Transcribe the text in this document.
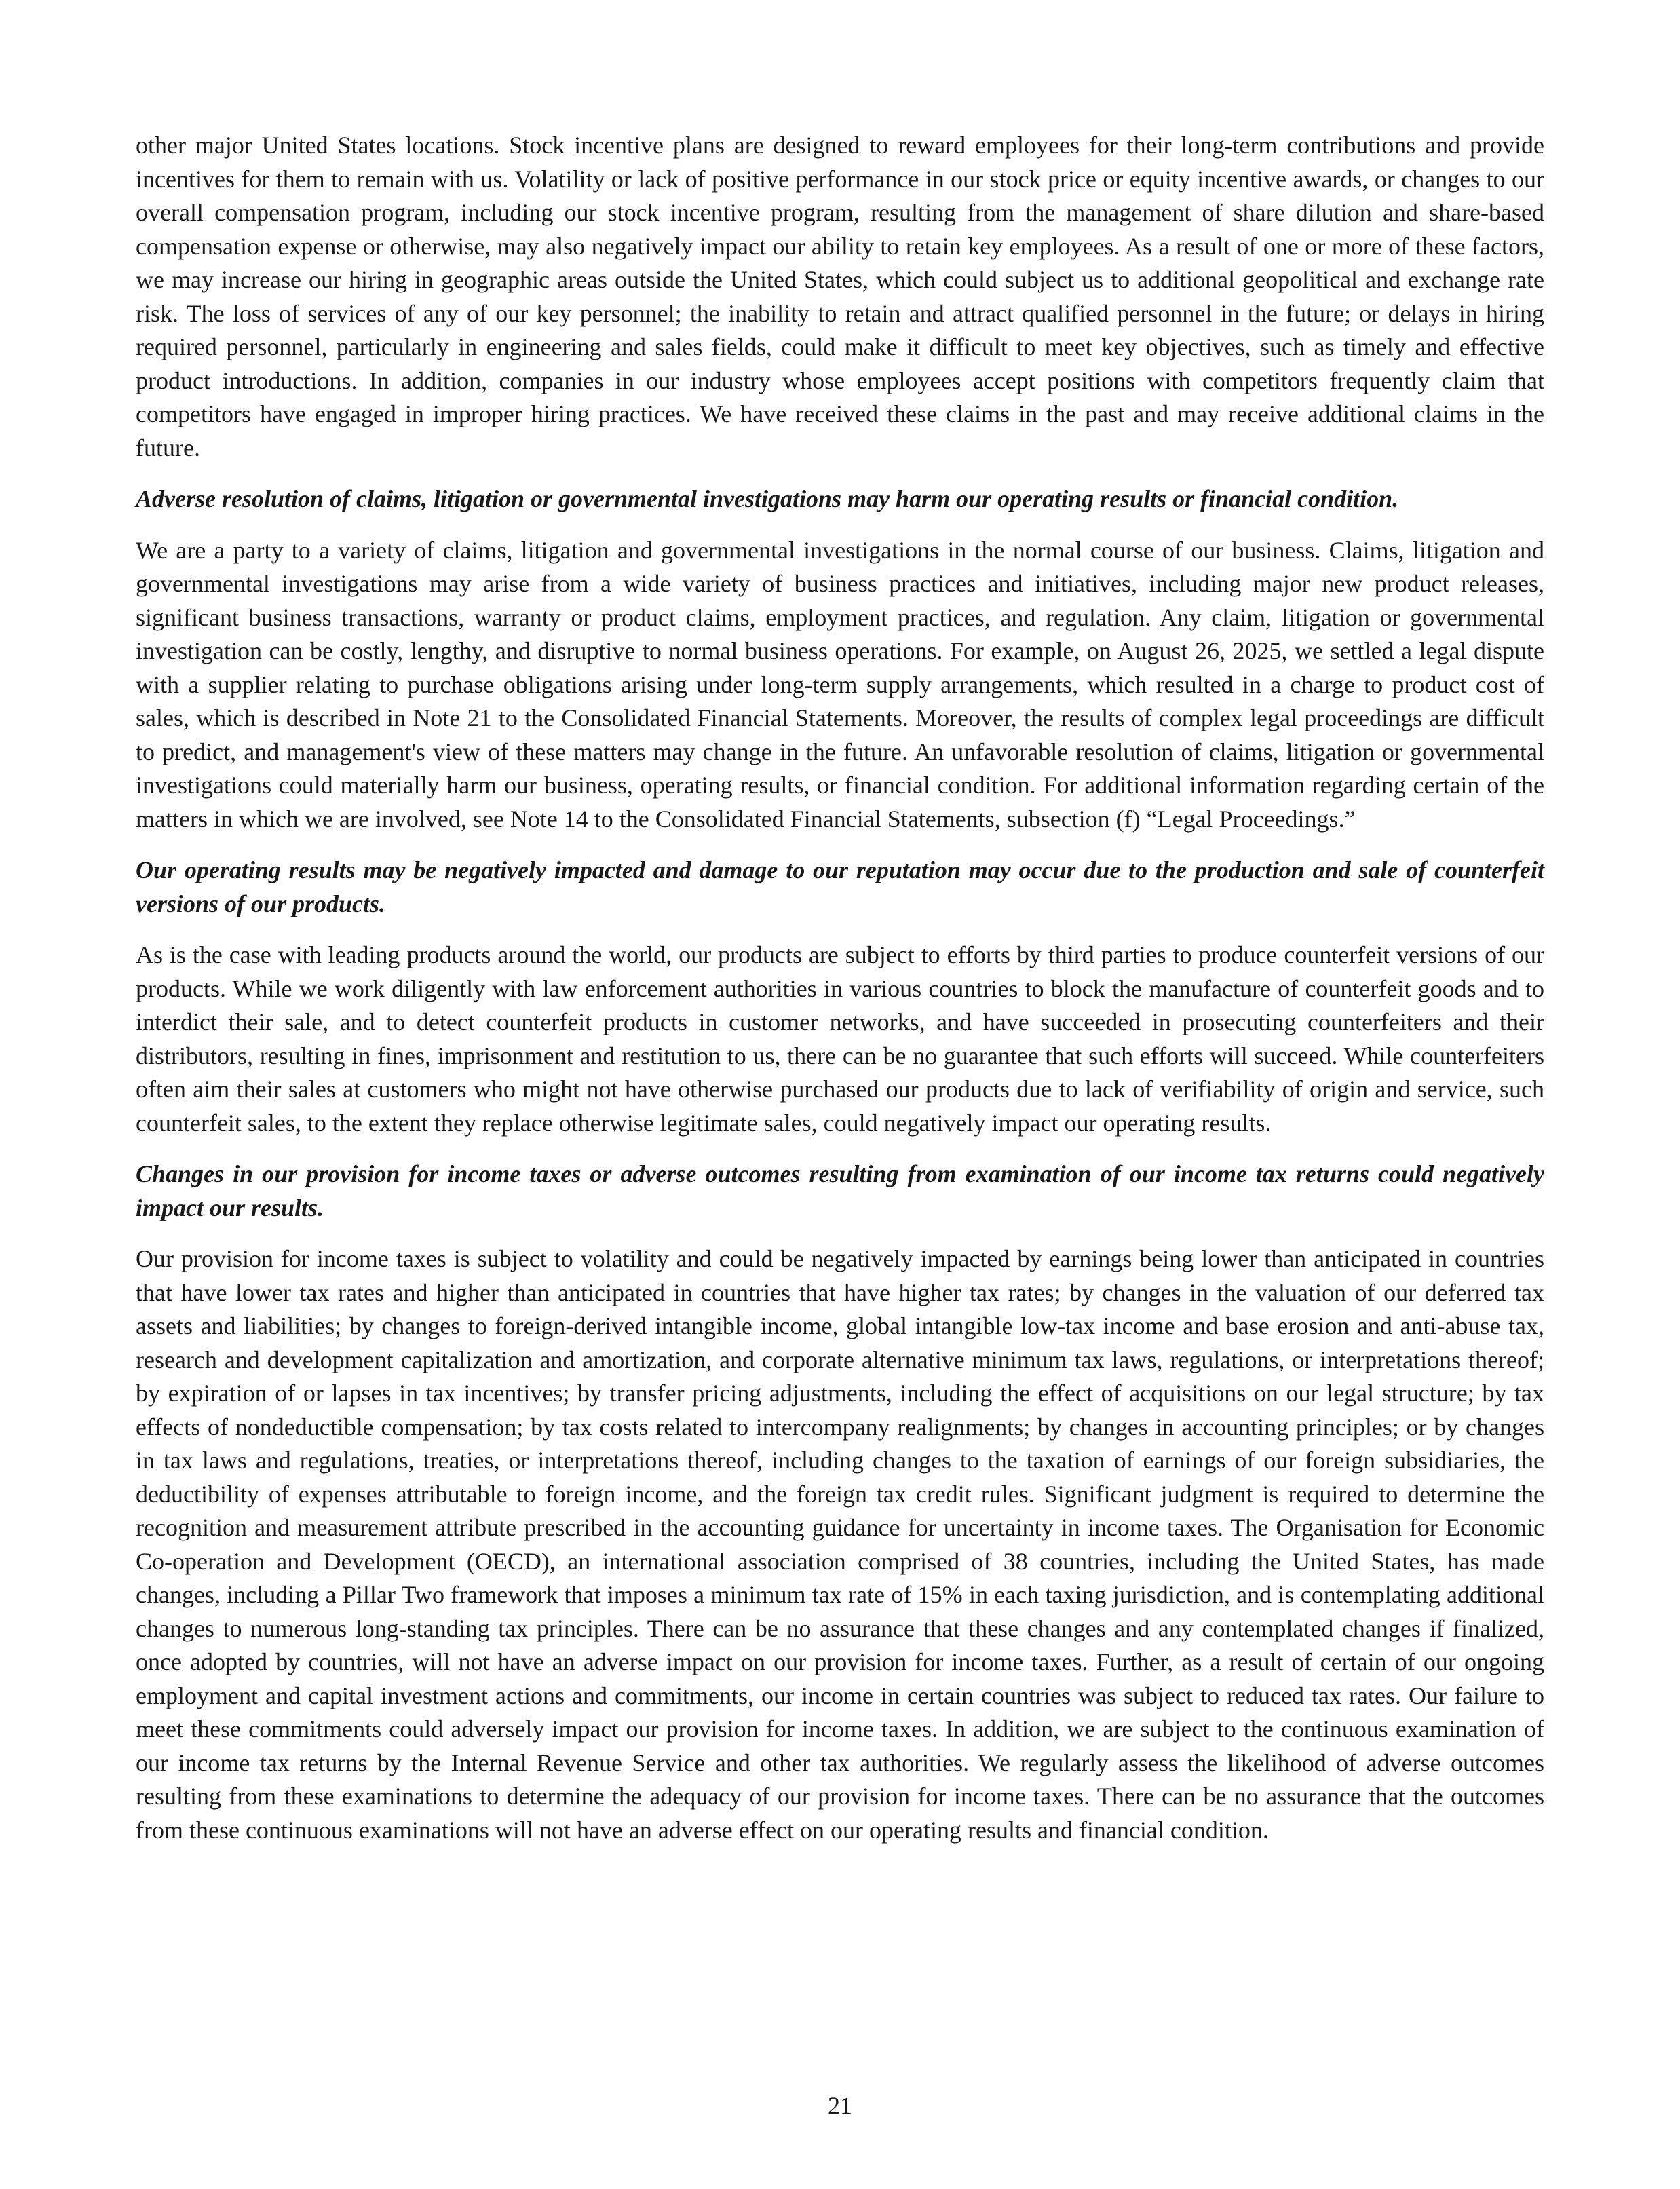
other major United States locations. Stock incentive plans are designed to reward employees for their long-term contributions and provide incentives for them to remain with us. Volatility or lack of positive performance in our stock price or equity incentive awards, or changes to our overall compensation program, including our stock incentive program, resulting from the management of share dilution and share-based compensation expense or otherwise, may also negatively impact our ability to retain key employees. As a result of one or more of these factors, we may increase our hiring in geographic areas outside the United States, which could subject us to additional geopolitical and exchange rate risk. The loss of services of any of our key personnel; the inability to retain and attract qualified personnel in the future; or delays in hiring required personnel, particularly in engineering and sales fields, could make it difficult to meet key objectives, such as timely and effective product introductions. In addition, companies in our industry whose employees accept positions with competitors frequently claim that competitors have engaged in improper hiring practices. We have received these claims in the past and may receive additional claims in the future.

Adverse resolution of claims, litigation or governmental investigations may harm our operating results or financial condition.

We are a party to a variety of claims, litigation and governmental investigations in the normal course of our business. Claims, litigation and governmental investigations may arise from a wide variety of business practices and initiatives, including major new product releases, significant business transactions, warranty or product claims, employment practices, and regulation. Any claim, litigation or governmental investigation can be costly, lengthy, and disruptive to normal business operations. For example, on August 26, 2025, we settled a legal dispute with a supplier relating to purchase obligations arising under long-term supply arrangements, which resulted in a charge to product cost of sales, which is described in Note 21 to the Consolidated Financial Statements. Moreover, the results of complex legal proceedings are difficult to predict, and management's view of these matters may change in the future. An unfavorable resolution of claims, litigation or governmental investigations could materially harm our business, operating results, or financial condition. For additional information regarding certain of the matters in which we are involved, see Note 14 to the Consolidated Financial Statements, subsection (f) “Legal Proceedings.”

Our operating results may be negatively impacted and damage to our reputation may occur due to the production and sale of counterfeit versions of our products.

As is the case with leading products around the world, our products are subject to efforts by third parties to produce counterfeit versions of our products. While we work diligently with law enforcement authorities in various countries to block the manufacture of counterfeit goods and to interdict their sale, and to detect counterfeit products in customer networks, and have succeeded in prosecuting counterfeiters and their distributors, resulting in fines, imprisonment and restitution to us, there can be no guarantee that such efforts will succeed. While counterfeiters often aim their sales at customers who might not have otherwise purchased our products due to lack of verifiability of origin and service, such counterfeit sales, to the extent they replace otherwise legitimate sales, could negatively impact our operating results.

Changes in our provision for income taxes or adverse outcomes resulting from examination of our income tax returns could negatively impact our results.

Our provision for income taxes is subject to volatility and could be negatively impacted by earnings being lower than anticipated in countries that have lower tax rates and higher than anticipated in countries that have higher tax rates; by changes in the valuation of our deferred tax assets and liabilities; by changes to foreign-derived intangible income, global intangible low-tax income and base erosion and anti-abuse tax, research and development capitalization and amortization, and corporate alternative minimum tax laws, regulations, or interpretations thereof; by expiration of or lapses in tax incentives; by transfer pricing adjustments, including the effect of acquisitions on our legal structure; by tax effects of nondeductible compensation; by tax costs related to intercompany realignments; by changes in accounting principles; or by changes in tax laws and regulations, treaties, or interpretations thereof, including changes to the taxation of earnings of our foreign subsidiaries, the deductibility of expenses attributable to foreign income, and the foreign tax credit rules. Significant judgment is required to determine the recognition and measurement attribute prescribed in the accounting guidance for uncertainty in income taxes. The Organisation for Economic Co-operation and Development (OECD), an international association comprised of 38 countries, including the United States, has made changes, including a Pillar Two framework that imposes a minimum tax rate of 15% in each taxing jurisdiction, and is contemplating additional changes to numerous long-standing tax principles. There can be no assurance that these changes and any contemplated changes if finalized, once adopted by countries, will not have an adverse impact on our provision for income taxes. Further, as a result of certain of our ongoing employment and capital investment actions and commitments, our income in certain countries was subject to reduced tax rates. Our failure to meet these commitments could adversely impact our provision for income taxes. In addition, we are subject to the continuous examination of our income tax returns by the Internal Revenue Service and other tax authorities. We regularly assess the likelihood of adverse outcomes resulting from these examinations to determine the adequacy of our provision for income taxes. There can be no assurance that the outcomes from these continuous examinations will not have an adverse effect on our operating results and financial condition.

21
